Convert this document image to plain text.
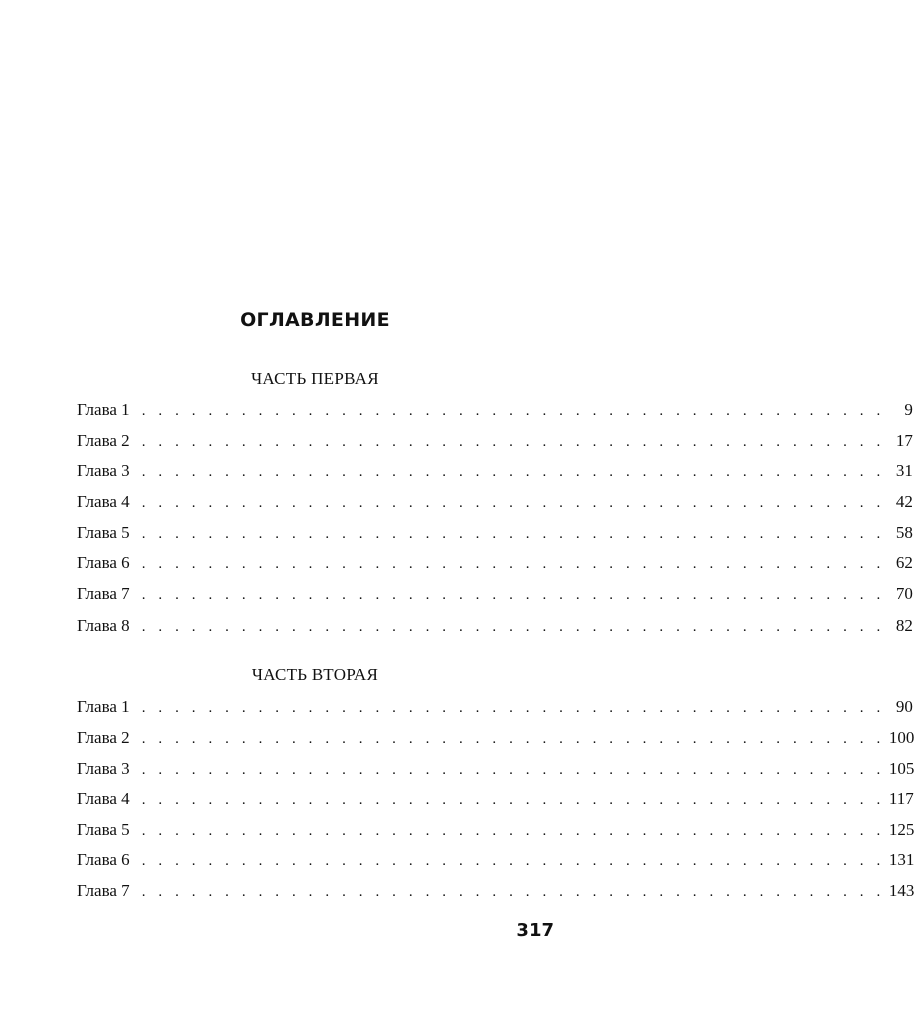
ОГЛАВЛЕНИЕ
ЧАСТЬ ПЕРВАЯ
Глава 1 . . . . . . . . . . . . . . . . . . . . . . . . . . . . . . . . . . . . . . . . . . . . .	9
Глава 2 . . . . . . . . . . . . . . . . . . . . . . . . . . . . . . . . . . . . . . . . . . . . . 17
Глава 3 . . . . . . . . . . . . . . . . . . . . . . . . . . . . . . . . . . . . . . . . . . . . . 31
Глава 4 . . . . . . . . . . . . . . . . . . . . . . . . . . . . . . . . . . . . . . . . . . . . . 42
Глава 5 . . . . . . . . . . . . . . . . . . . . . . . . . . . . . . . . . . . . . . . . . . . . . 58
Глава 6 . . . . . . . . . . . . . . . . . . . . . . . . . . . . . . . . . . . . . . . . . . . . . 62
Глава 7 . . . . . . . . . . . . . . . . . . . . . . . . . . . . . . . . . . . . . . . . . . . . . 70
Глава 8 . . . . . . . . . . . . . . . . . . . . . . . . . . . . . . . . . . . . . . . . . . . . . 82
ЧАСТЬ ВТОРАЯ
Глава 1 . . . . . . . . . . . . . . . . . . . . . . . . . . . . . . . . . . . . . . . . . . . . . 90
Глава 2 . . . . . . . . . . . . . . . . . . . . . . . . . . . . . . . . . . . . . . . . . . . . . 100
Глава 3 . . . . . . . . . . . . . . . . . . . . . . . . . . . . . . . . . . . . . . . . . . . . . 105
Глава 4 . . . . . . . . . . . . . . . . . . . . . . . . . . . . . . . . . . . . . . . . . . . . . 117
Глава 5 . . . . . . . . . . . . . . . . . . . . . . . . . . . . . . . . . . . . . . . . . . . . . 125
Глава 6 . . . . . . . . . . . . . . . . . . . . . . . . . . . . . . . . . . . . . . . . . . . . . 131
Глава 7 . . . . . . . . . . . . . . . . . . . . . . . . . . . . . . . . . . . . . . . . . . . . . 143
317
